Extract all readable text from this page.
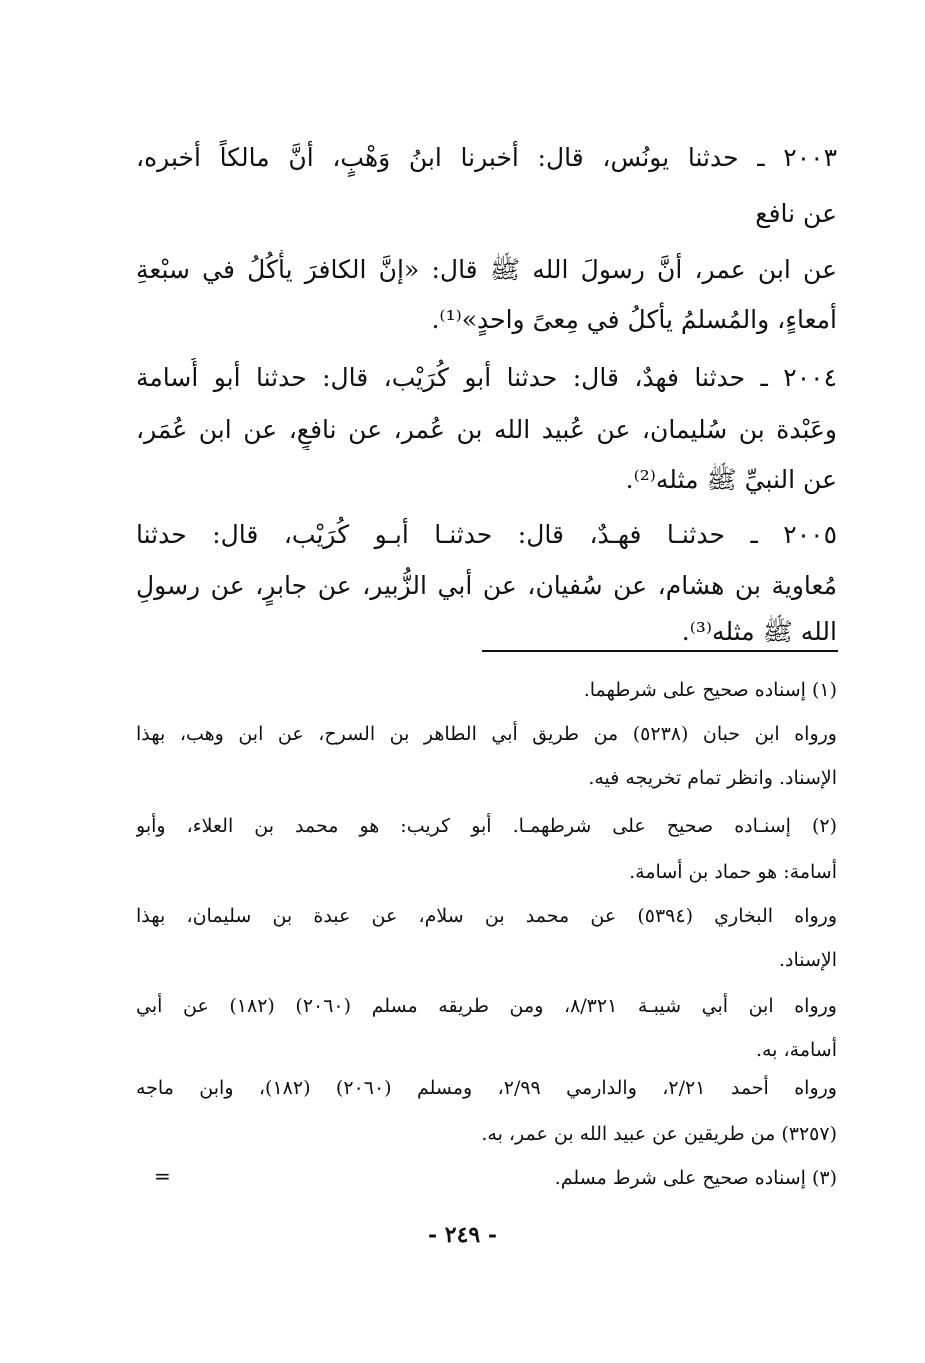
٢٠٠٣ ـ حدثنا يونُس، قال: أخبرنا ابنُ وَهْبٍ، أنَّ مالكاً أخبره،
عن نافع
عن ابن عمر، أنَّ رسولَ الله ﷺ قال: «إنَّ الكافرَ يأْكُلُ في سبْعةِ
أمعاءٍ، والمُسلمُ يأكلُ في مِعىً واحدٍ»⁽¹⁾.
٢٠٠٤ ـ حدثنا فهدٌ، قال: حدثنا أبو كُرَيْب، قال: حدثنا أبو أُسامة
وعَبْدة بن سُليمان، عن عُبيد الله بن عُمر، عن نافعٍ، عن ابن عُمَر،
عن النبيِّ ﷺ مثله⁽²⁾.
٢٠٠٥ ـ حدثنـا فهـدٌ، قال: حدثنـا أبـو كُرَيْب، قال: حدثنا
مُعاوية بن هشام، عن سُفيان، عن أبي الزُّبير، عن جابرٍ، عن رسولِ
الله ﷺ مثله⁽³⁾.
(١) إسناده صحيح على شرطهما.
ورواه ابن حبان (٥٢٣٨) من طريق أبي الطاهر بن السرح، عن ابن وهب، بهذا
الإسناد. وانظر تمام تخريجه فيه.
(٢) إسنـاده صحيح على شرطهمـا. أبو كريب: هو محمد بن العلاء، وأبو
أسامة: هو حماد بن أسامة.
ورواه البخاري (٥٣٩٤) عن محمد بن سلام، عن عبدة بن سليمان، بهذا
الإسناد.
ورواه ابن أبي شيبـة ٨/٣٢١، ومن طريقه مسلم (٢٠٦٠) (١٨٢) عن أبي
أسامة، به.
ورواه أحمد ٢/٢١، والدارمي ٢/٩٩، ومسلم (٢٠٦٠) (١٨٢)، وابن ماجه
(٣٢٥٧) من طريقين عن عبيد الله بن عمر، به.
(٣) إسناده صحيح على شرط مسلم.
=
- ٢٤٩ -
